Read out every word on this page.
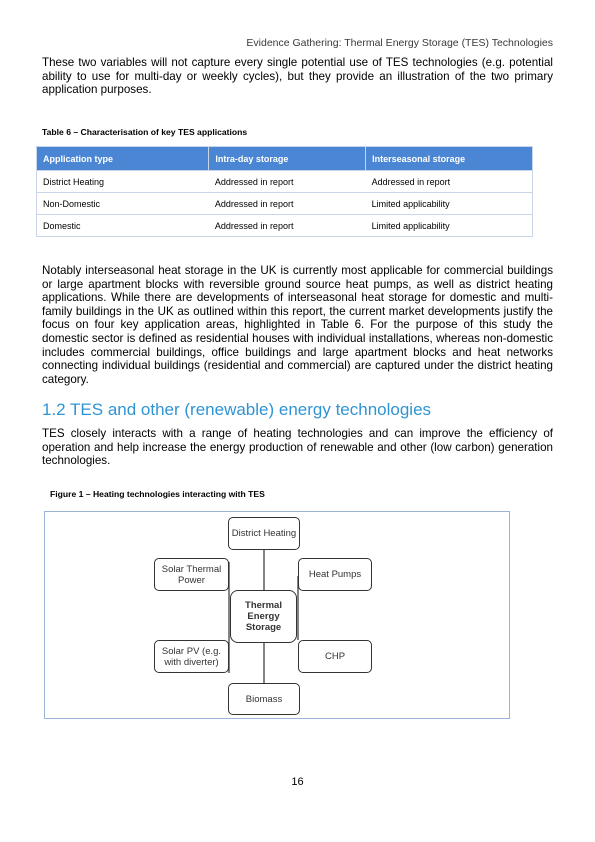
Evidence Gathering: Thermal Energy Storage (TES) Technologies

These two variables will not capture every single potential use of TES technologies (e.g. potential ability to use for multi-day or weekly cycles), but they provide an illustration of the two primary application purposes.

Table 6 – Characterisation of key TES applications
Application type	Intra-day storage	Interseasonal storage
District Heating	Addressed in report	Addressed in report
Non-Domestic	Addressed in report	Limited applicability
Domestic	Addressed in report	Limited applicability

Notably interseasonal heat storage in the UK is currently most applicable for commercial buildings or large apartment blocks with reversible ground source heat pumps, as well as district heating applications. While there are developments of interseasonal heat storage for domestic and multi-family buildings in the UK as outlined within this report, the current market developments justify the focus on four key application areas, highlighted in Table 6. For the purpose of this study the domestic sector is defined as residential houses with individual installations, whereas non-domestic includes commercial buildings, office buildings and large apartment blocks and heat networks connecting individual buildings (residential and commercial) are captured under the district heating category.

1.2 TES and other (renewable) energy technologies

TES closely interacts with a range of heating technologies and can improve the efficiency of operation and help increase the energy production of renewable and other (low carbon) generation technologies.

Figure 1 – Heating technologies interacting with TES
District Heating
Solar Thermal Power	Heat Pumps
Thermal Energy Storage
Solar PV (e.g. with diverter)	CHP
Biomass
16
